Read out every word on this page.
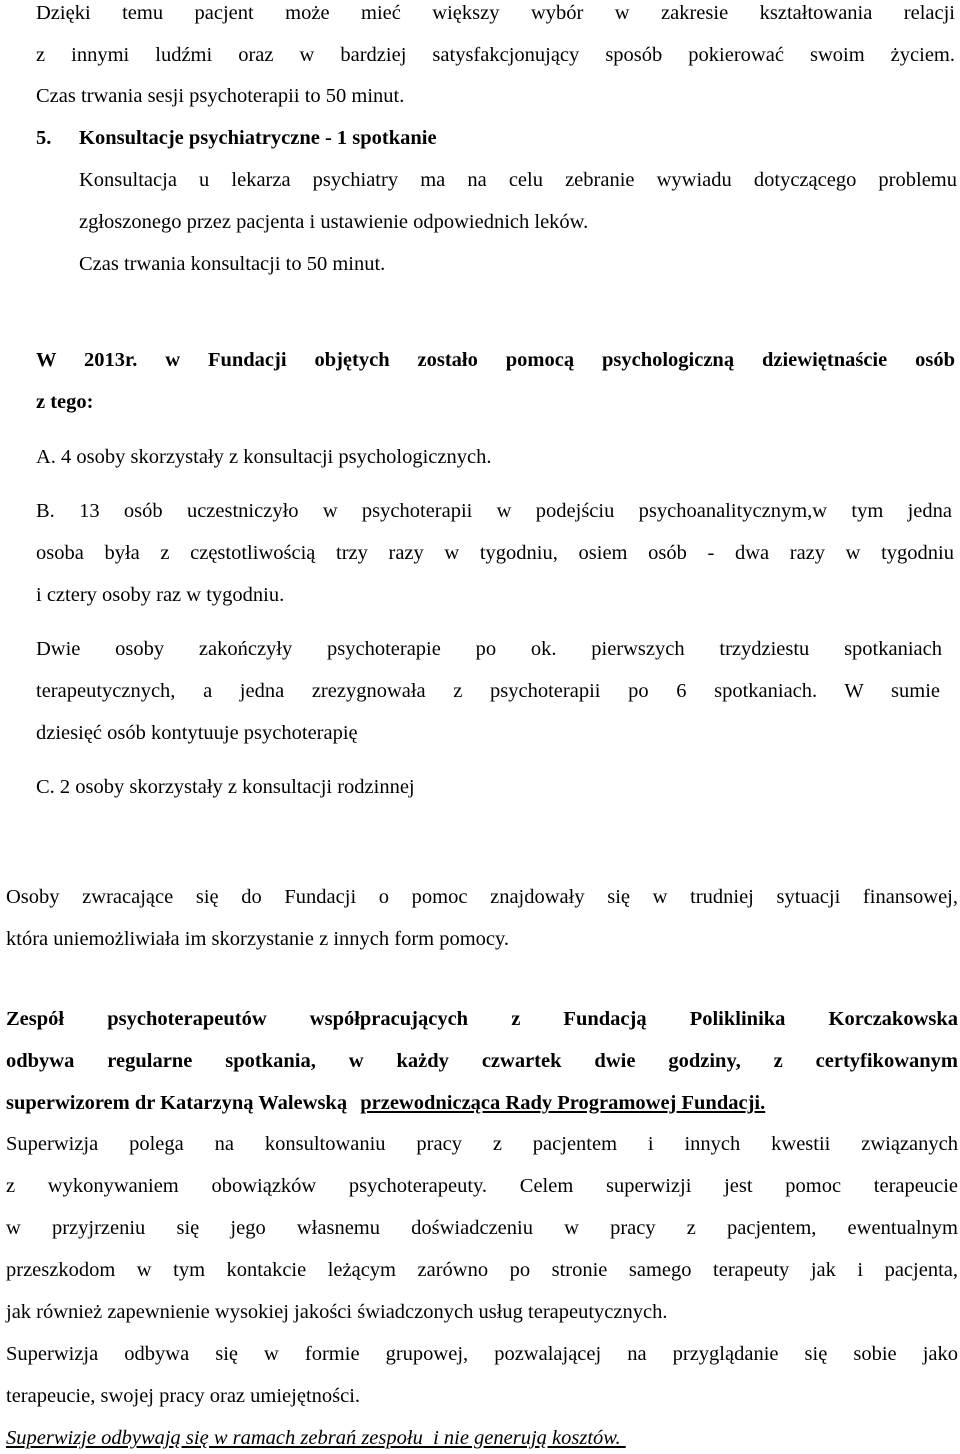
Dzięki temu pacjent może mieć większy wybór w zakresie kształtowania relacji
z innymi ludźmi oraz w bardziej satysfakcjonujący sposób pokierować swoim życiem.
Czas trwania sesji psychoterapii to 50 minut.
5. Konsultacje psychiatryczne - 1 spotkanie
Konsultacja u lekarza psychiatry ma na celu zebranie wywiadu dotyczącego problemu
zgłoszonego przez pacjenta i ustawienie odpowiednich leków.
Czas trwania konsultacji to 50 minut.
W 2013r. w Fundacji objętych zostało pomocą psychologiczną dziewiętnaście osób
z tego:
A. 4 osoby skorzystały z konsultacji psychologicznych.
B. 13 osób uczestniczyło w psychoterapii w podejściu psychoanalitycznym,w tym jedna
osoba była z częstotliwością trzy razy w tygodniu, osiem osób - dwa razy w tygodniu
i cztery osoby raz w tygodniu.
Dwie osoby zakończyły psychoterapie po ok. pierwszych trzydziestu spotkaniach
terapeutycznych, a jedna zrezygnowała z psychoterapii po 6 spotkaniach. W sumie
dziesięć osób kontytuuje psychoterapię
C. 2 osoby skorzystały z konsultacji rodzinnej
Osoby zwracające się do Fundacji o pomoc znajdowały się w trudniej sytuacji finansowej,
która uniemożliwiała im skorzystanie z innych form pomocy.
Zespół psychoterapeutów współpracujących z Fundacją Poliklinika Korczakowska
odbywa regularne spotkania, w każdy czwartek dwie godziny, z certyfikowanym
superwizorem dr Katarzyną Walewską przewodnicząca Rady Programowej Fundacji.
Superwizja polega na konsultowaniu pracy z pacjentem i innych kwestii związanych
z wykonywaniem obowiązków psychoterapeuty. Celem superwizji jest pomoc terapeucie
w przyjrzeniu się jego własnemu doświadczeniu w pracy z pacjentem, ewentualnym
przeszkodom w tym kontakcie leżącym zarówno po stronie samego terapeuty jak i pacjenta,
jak również zapewnienie wysokiej jakości świadczonych usług terapeutycznych.
Superwizja odbywa się w formie grupowej, pozwalającej na przyglądanie się sobie jako
terapeucie, swojej pracy oraz umiejętności.
Superwizje odbywają się w ramach zebrań zespołu  i nie generują kosztów.
